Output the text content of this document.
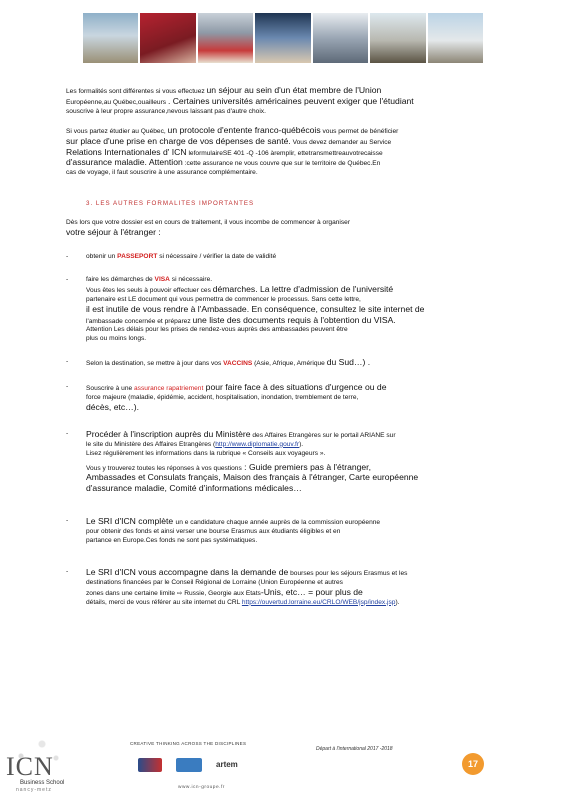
Les formalités sont différentes si vous effectuez un séjour au sein d'un état membre de l'Union
Européenne,au Québec,ouailleurs . Certaines universités américaines peuvent exiger que l'étudiant
souscrive à leur propre assurance,nevous laissant pas d'autre choix.

Si vous partez étudier au Québec, un protocole d'entente franco-québécois vous permet de bénéficier
sur place d'une prise en charge de vos dépenses de santé. Vous devez demander au Service
Relations Internationales d' ICN leformulaireSE 401 -Q -106 àremplir, ettetransmettreauvotrecaisse
d'assurance maladie. Attention :cette assurance ne vous couvre que sur le territoire de Québec.En
cas de voyage, il faut souscrire à une assurance complémentaire.

3. LES AUTRES FORMALITES IMPORTANTES

Dès lors que votre dossier est en cours de traitement, il vous incombe de commencer à organiser
votre séjour à l'étranger :

-	obtenir un PASSEPORT si nécessaire / vérifier la date de validité
-	faire les démarches de VISA si nécessaire.
Vous êtes les seuls à pouvoir effectuer ces démarches. La lettre d'admission de l'université
partenaire est LE document qui vous permettra de commencer le processus. Sans cette lettre,
il est inutile de vous rendre à l'Ambassade. En conséquence, consultez le site internet de
l'ambassade concernée et préparez une liste des documents requis à l'obtention du VISA.
Attention Les délais pour les prises de rendez-vous auprès des ambassades peuvent être
plus ou moins longs.
-	Selon la destination, se mettre à jour dans vos VACCINS (Asie, Afrique, Amérique du Sud…) .
-	Souscrire à une assurance rapatriement pour faire face à des situations d'urgence ou de
force majeure (maladie, épidémie, accident, hospitalisation, inondation, tremblement de terre,
décès, etc…).
- Procéder à l'inscription auprès du Ministère des Affaires Etrangères sur le portail ARIANE sur
le site du Ministère des Affaires Etrangères (http://www.diplomatie.gouv.fr).
Lisez régulièrement les informations dans la rubrique « Conseils aux voyageurs ».
Vous y trouverez toutes les réponses à vos questions : Guide premiers pas à l'étranger,
Ambassades et Consulats français, Maison des français à l'étranger, Carte européenne
d'assurance maladie, Comité d'informations médicales…
- Le SRI d'ICN complète un e candidature chaque année auprès de la commission européenne
pour obtenir des fonds et ainsi verser une bourse Erasmus aux étudiants éligibles et en
partance en Europe.Ces fonds ne sont pas systématiques.
- Le SRI d'ICN vous accompagne dans la demande de bourses pour les séjours Erasmus et les
destinations financées par le Conseil Régional de Lorraine (Union Européenne et autres
zones dans une certaine limite ⇨ Russie, Georgie aux Etats-Unis, etc… = pour plus de
détails, merci de vous référer au site internet du CRL https://ouvertud.lorraine.eu/CRLO/WEB/jsp/index.jsp).
ICN
Business School
nancy-metz
CREATIVE THINKING ACROSS THE DISCIPLINES
artem
www.icn-groupe.fr
Départ à l'international 2017 -2018
17
